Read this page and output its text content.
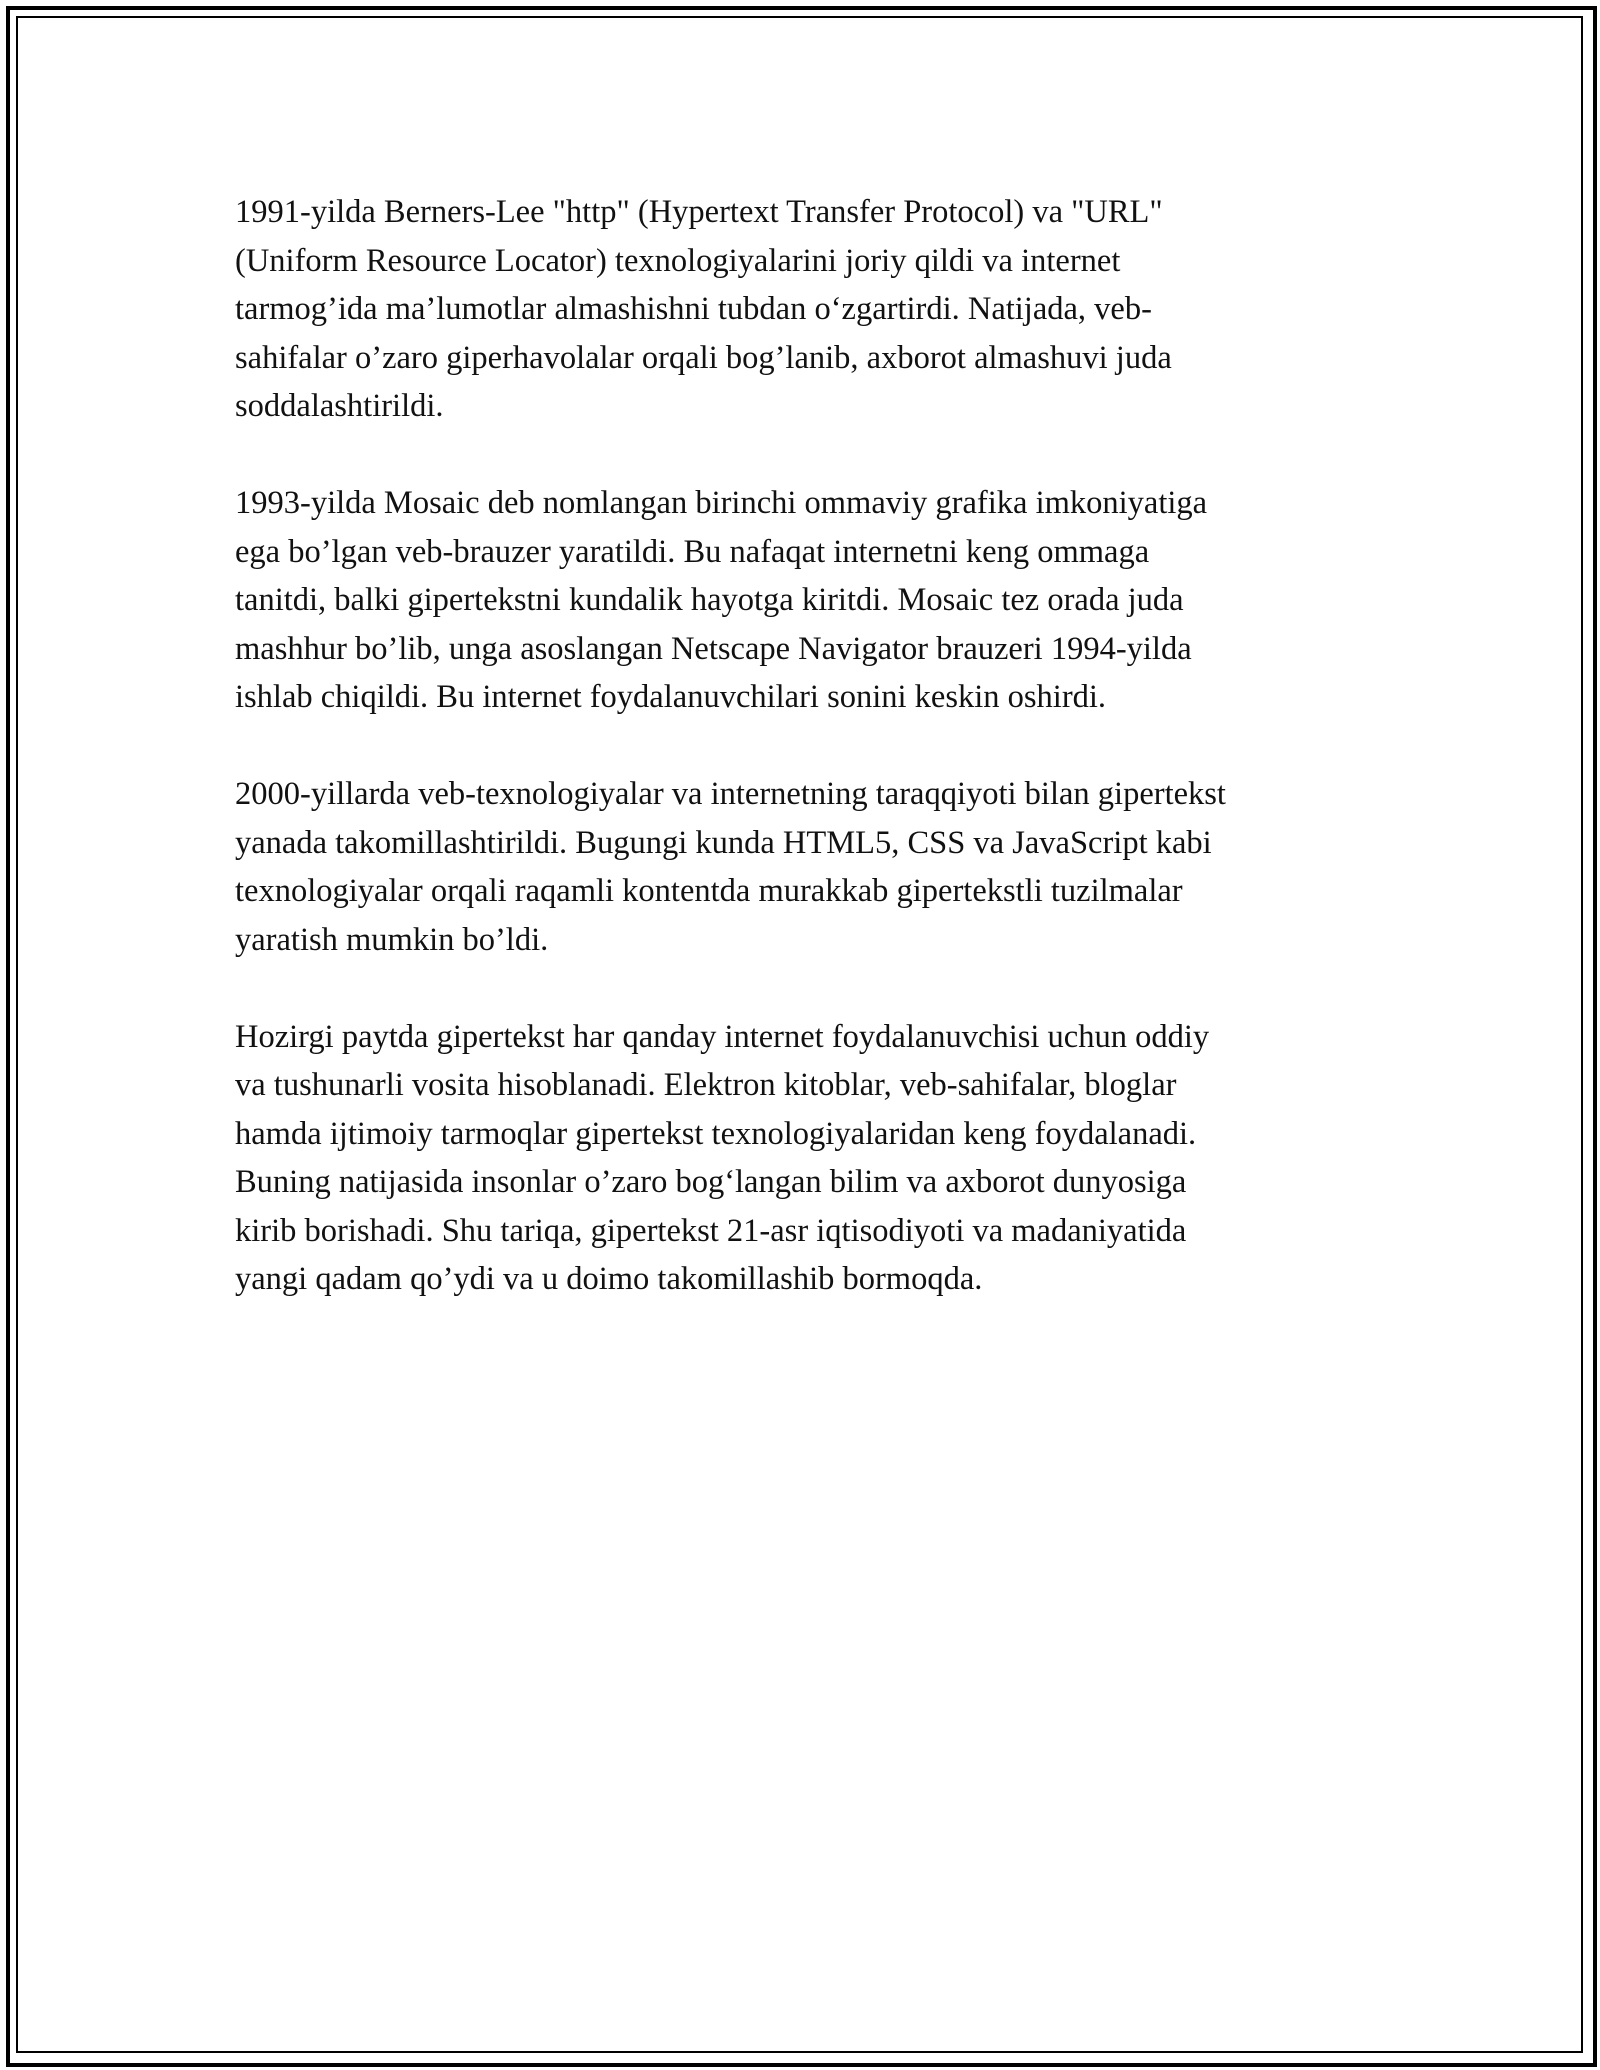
1991-yilda Berners-Lee "http" (Hypertext Transfer Protocol) va "URL"
(Uniform Resource Locator) texnologiyalarini joriy qildi va internet
tarmog’ida ma’lumotlar almashishni tubdan o‘zgartirdi. Natijada, veb-
sahifalar o’zaro giperhavolalar orqali bog’lanib, axborot almashuvi juda
soddalashtirildi.

1993-yilda Mosaic deb nomlangan birinchi ommaviy grafika imkoniyatiga
ega bo’lgan veb-brauzer yaratildi. Bu nafaqat internetni keng ommaga
tanitdi, balki gipertekstni kundalik hayotga kiritdi. Mosaic tez orada juda
mashhur bo’lib, unga asoslangan Netscape Navigator brauzeri 1994-yilda
ishlab chiqildi. Bu internet foydalanuvchilari sonini keskin oshirdi.

2000-yillarda veb-texnologiyalar va internetning taraqqiyoti bilan gipertekst
yanada takomillashtirildi. Bugungi kunda HTML5, CSS va JavaScript kabi
texnologiyalar orqali raqamli kontentda murakkab gipertekstli tuzilmalar
yaratish mumkin bo’ldi.

Hozirgi paytda gipertekst har qanday internet foydalanuvchisi uchun oddiy
va tushunarli vosita hisoblanadi. Elektron kitoblar, veb-sahifalar, bloglar
hamda ijtimoiy tarmoqlar gipertekst texnologiyalaridan keng foydalanadi.
Buning natijasida insonlar o’zaro bog‘langan bilim va axborot dunyosiga
kirib borishadi. Shu tariqa, gipertekst 21-asr iqtisodiyoti va madaniyatida
yangi qadam qo’ydi va u doimo takomillashib bormoqda.
